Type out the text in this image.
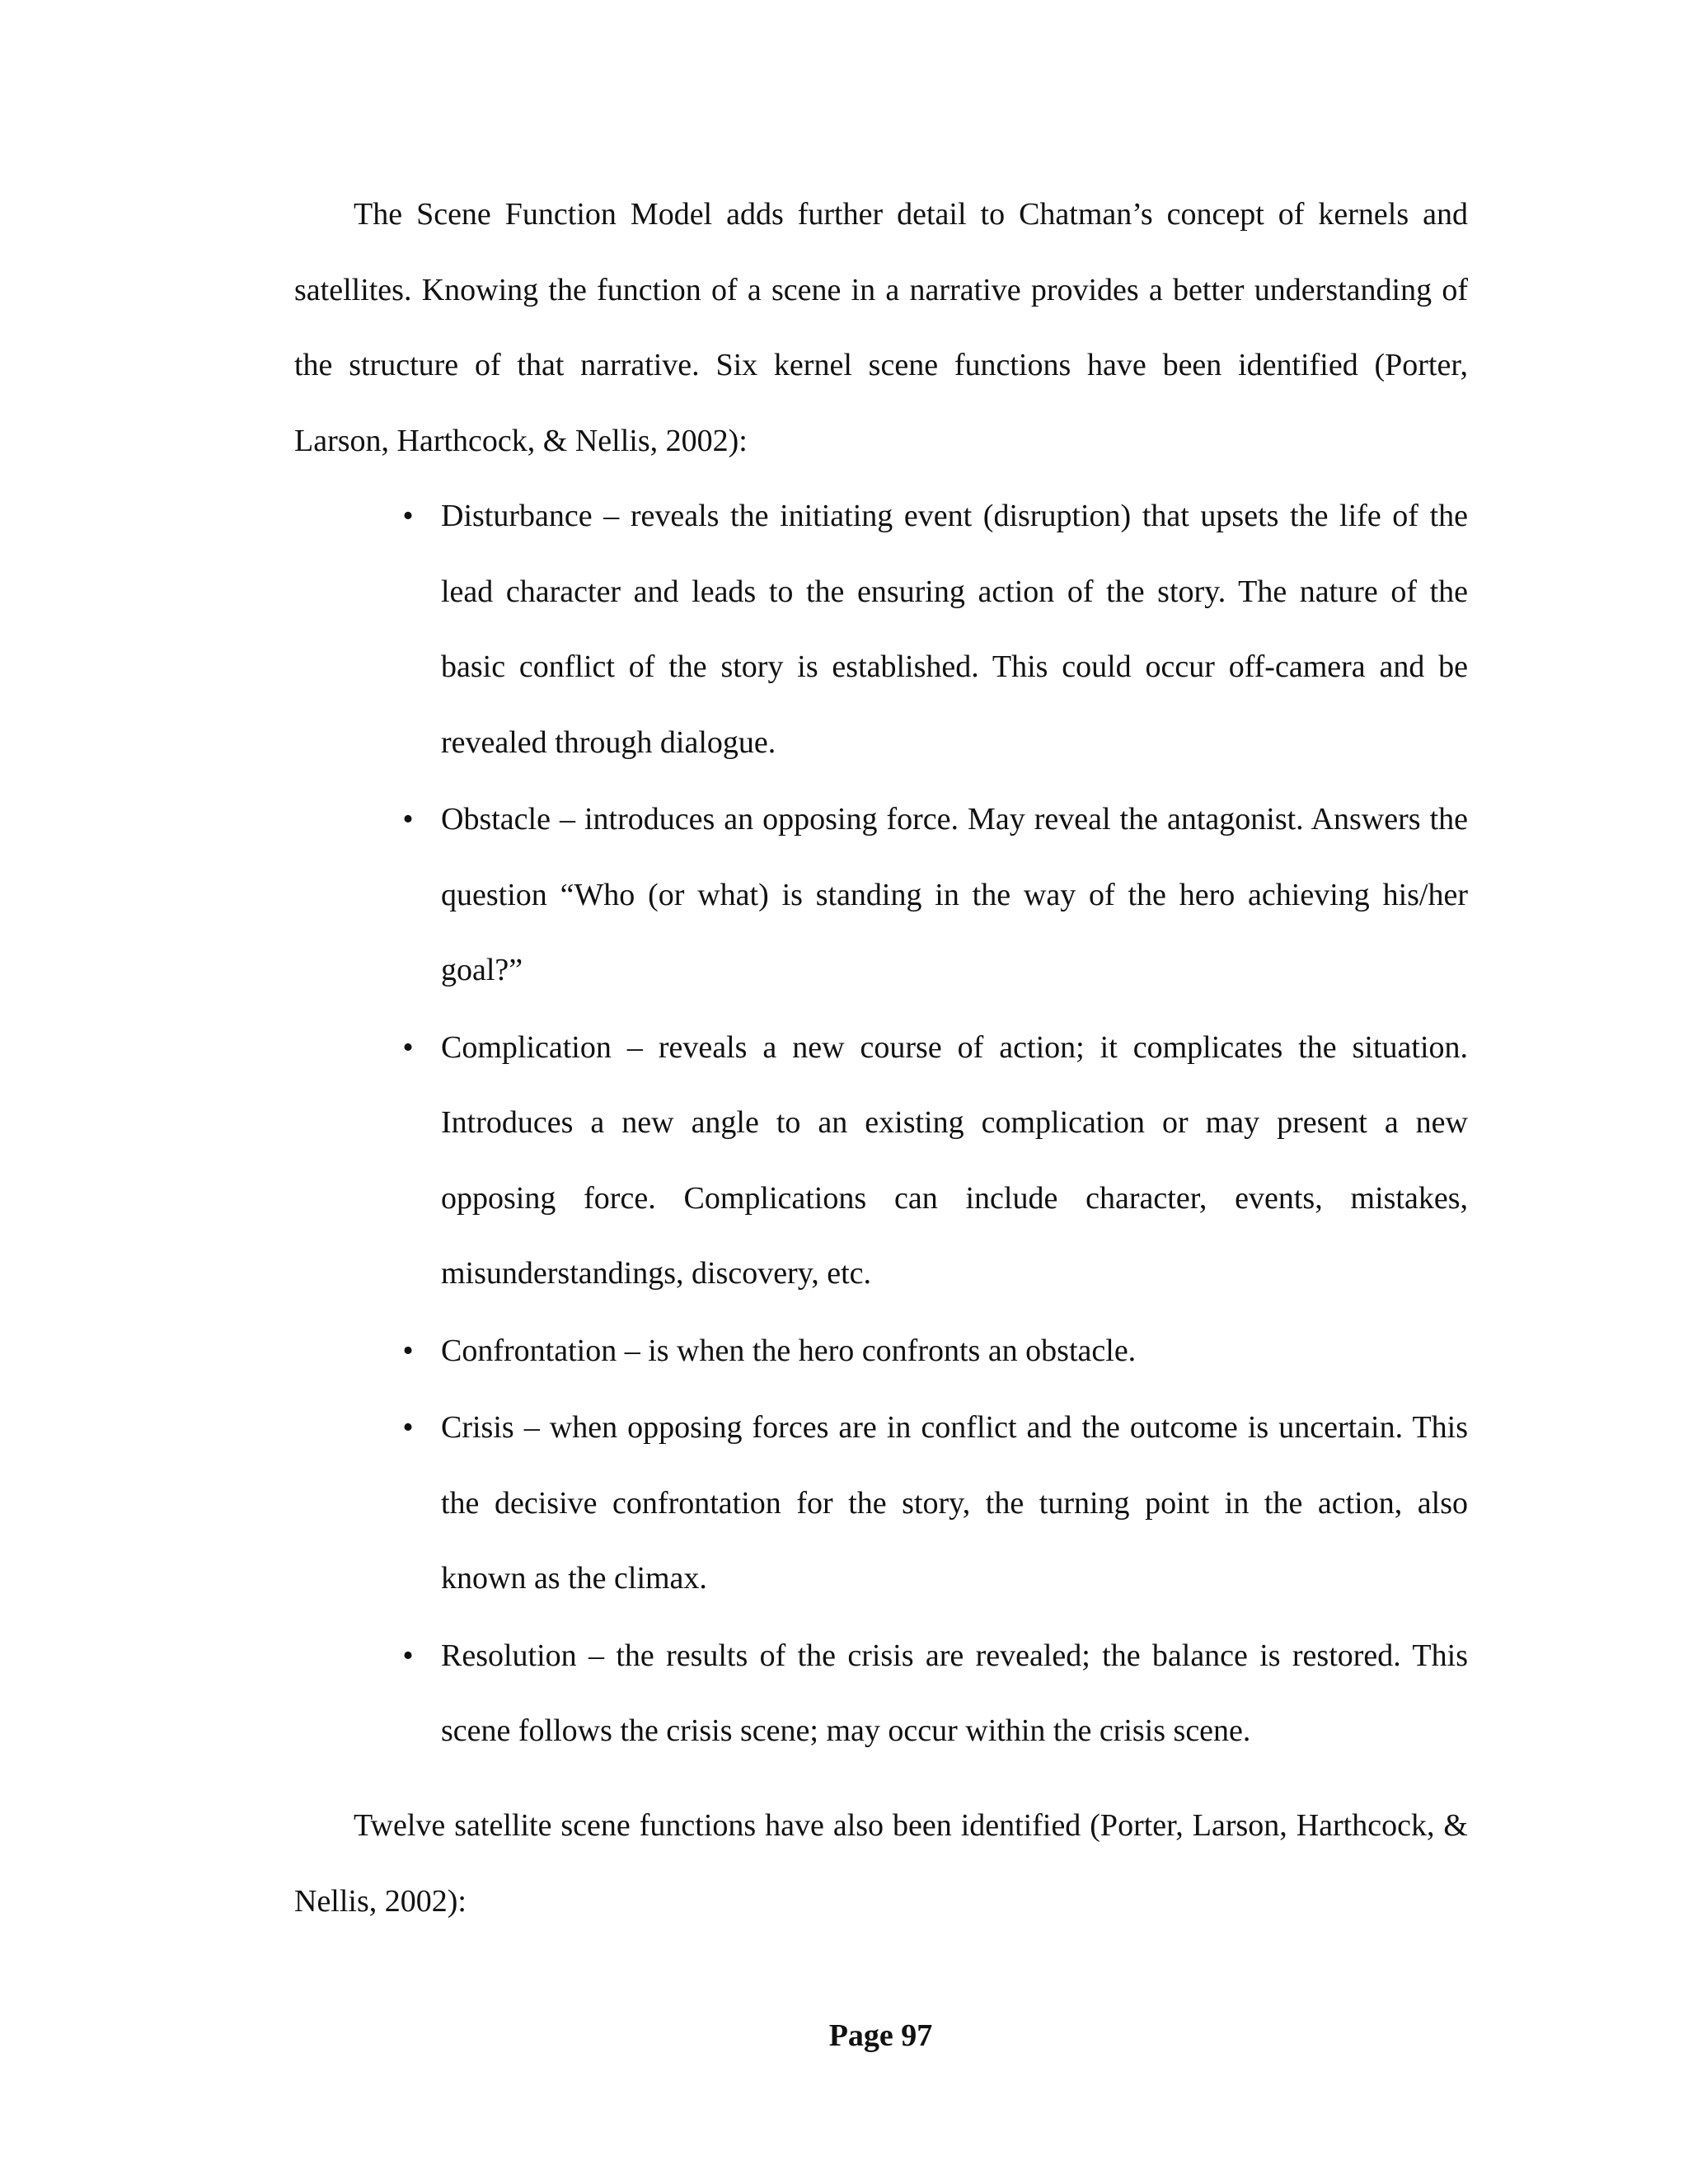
The Scene Function Model adds further detail to Chatman’s concept of kernels and satellites. Knowing the function of a scene in a narrative provides a better understanding of the structure of that narrative. Six kernel scene functions have been identified (Porter, Larson, Harthcock, & Nellis, 2002):

• Disturbance – reveals the initiating event (disruption) that upsets the life of the lead character and leads to the ensuring action of the story. The nature of the basic conflict of the story is established. This could occur off-camera and be revealed through dialogue.
• Obstacle – introduces an opposing force. May reveal the antagonist. Answers the question “Who (or what) is standing in the way of the hero achieving his/her goal?”
• Complication – reveals a new course of action; it complicates the situation. Introduces a new angle to an existing complication or may present a new opposing force. Complications can include character, events, mistakes, misunderstandings, discovery, etc.
• Confrontation – is when the hero confronts an obstacle.
• Crisis – when opposing forces are in conflict and the outcome is uncertain. This the decisive confrontation for the story, the turning point in the action, also known as the climax.
• Resolution – the results of the crisis are revealed; the balance is restored. This scene follows the crisis scene; may occur within the crisis scene.

Twelve satellite scene functions have also been identified (Porter, Larson, Harthcock, & Nellis, 2002):

Page 97
